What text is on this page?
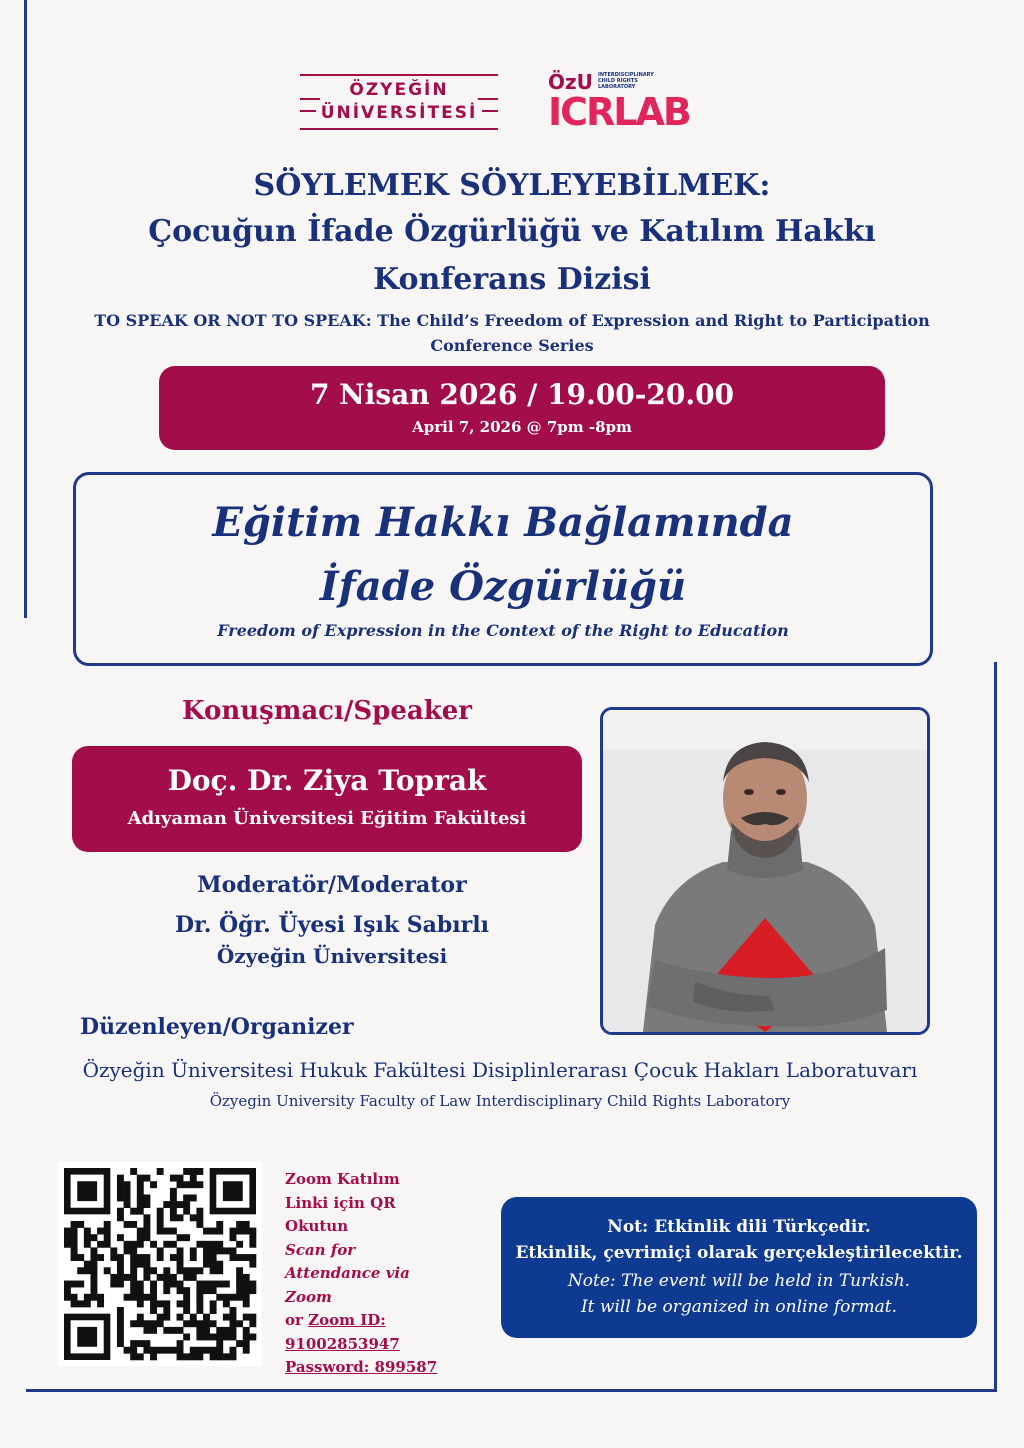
ÖZYEĞİN
ÜNİVERSİTESİ
ÖzU INTERDISCIPLINARY
CHILD RIGHTS
LABORATORY
ICRLAB
SÖYLEMEK SÖYLEYEBİLMEK:
Çocuğun İfade Özgürlüğü ve Katılım Hakkı
Konferans Dizisi
TO SPEAK OR NOT TO SPEAK: The Child’s Freedom of Expression and Right to Participation
Conference Series
7 Nisan 2026 / 19.00-20.00
April 7, 2026 @ 7pm -8pm
Eğitim Hakkı Bağlamında
İfade Özgürlüğü
Freedom of Expression in the Context of the Right to Education
Konuşmacı/Speaker
Doç. Dr. Ziya Toprak
Adıyaman Üniversitesi Eğitim Fakültesi
Moderatör/Moderator
Dr. Öğr. Üyesi Işık Sabırlı
Özyeğin Üniversitesi
Düzenleyen/Organizer
Özyeğin Üniversitesi Hukuk Fakültesi Disiplinlerarası Çocuk Hakları Laboratuvarı
Özyegin University Faculty of Law Interdisciplinary Child Rights Laboratory
Zoom Katılım
Linki için QR
Okutun
Scan for
Attendance via
Zoom
or Zoom ID:
91002853947
Password: 899587
Not: Etkinlik dili Türkçedir.
Etkinlik, çevrimiçi olarak gerçekleştirilecektir.
Note: The event will be held in Turkish.
It will be organized in online format.
